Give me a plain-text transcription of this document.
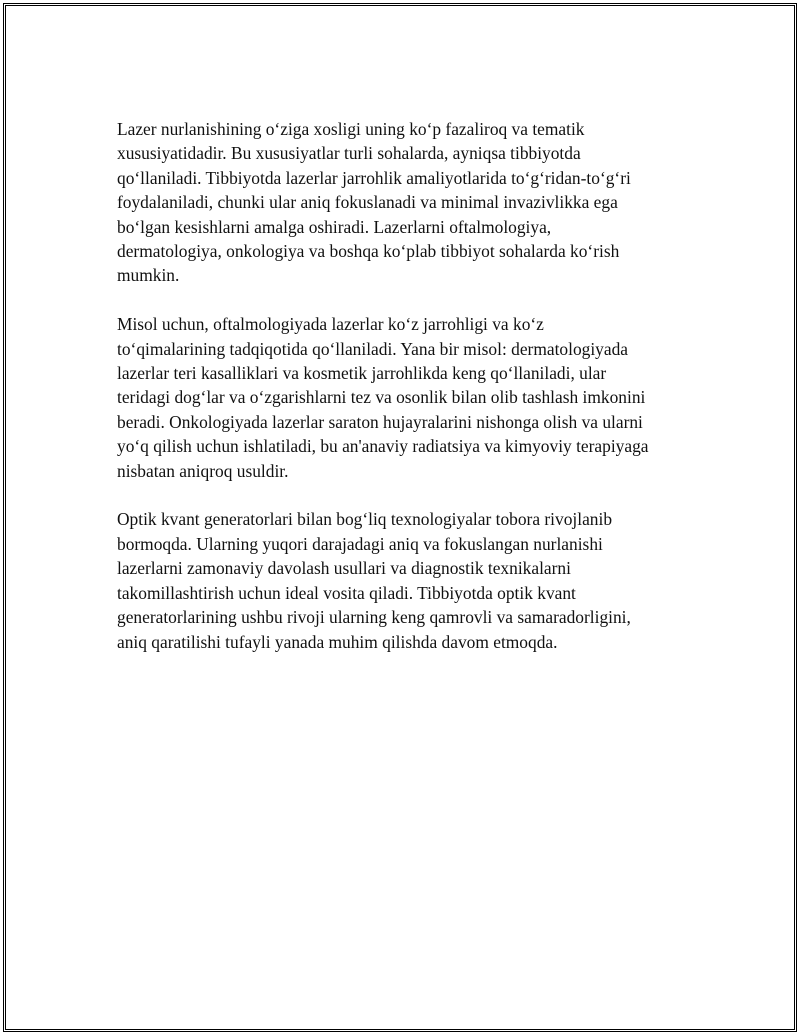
Lazer nurlanishining oʻziga xosligi uning koʻp fazaliroq va tematik
xususiyatidadir. Bu xususiyatlar turli sohalarda, ayniqsa tibbiyotda
qoʻllaniladi. Tibbiyotda lazerlar jarrohlik amaliyotlarida toʻgʻridan-toʻgʻri
foydalaniladi, chunki ular aniq fokuslanadi va minimal invazivlikka ega
boʻlgan kesishlarni amalga oshiradi. Lazerlarni oftalmologiya,
dermatologiya, onkologiya va boshqa koʻplab tibbiyot sohalarda koʻrish
mumkin.

Misol uchun, oftalmologiyada lazerlar koʻz jarrohligi va koʻz
toʻqimalarining tadqiqotida qoʻllaniladi. Yana bir misol: dermatologiyada
lazerlar teri kasalliklari va kosmetik jarrohlikda keng qoʻllaniladi, ular
teridagi dogʻlar va oʻzgarishlarni tez va osonlik bilan olib tashlash imkonini
beradi. Onkologiyada lazerlar saraton hujayralarini nishonga olish va ularni
yoʻq qilish uchun ishlatiladi, bu an'anaviy radiatsiya va kimyoviy terapiyaga
nisbatan aniqroq usuldir.

Optik kvant generatorlari bilan bogʻliq texnologiyalar tobora rivojlanib
bormoqda. Ularning yuqori darajadagi aniq va fokuslangan nurlanishi
lazerlarni zamonaviy davolash usullari va diagnostik texnikalarni
takomillashtirish uchun ideal vosita qiladi. Tibbiyotda optik kvant
generatorlarining ushbu rivoji ularning keng qamrovli va samaradorligini,
aniq qaratilishi tufayli yanada muhim qilishda davom etmoqda.
